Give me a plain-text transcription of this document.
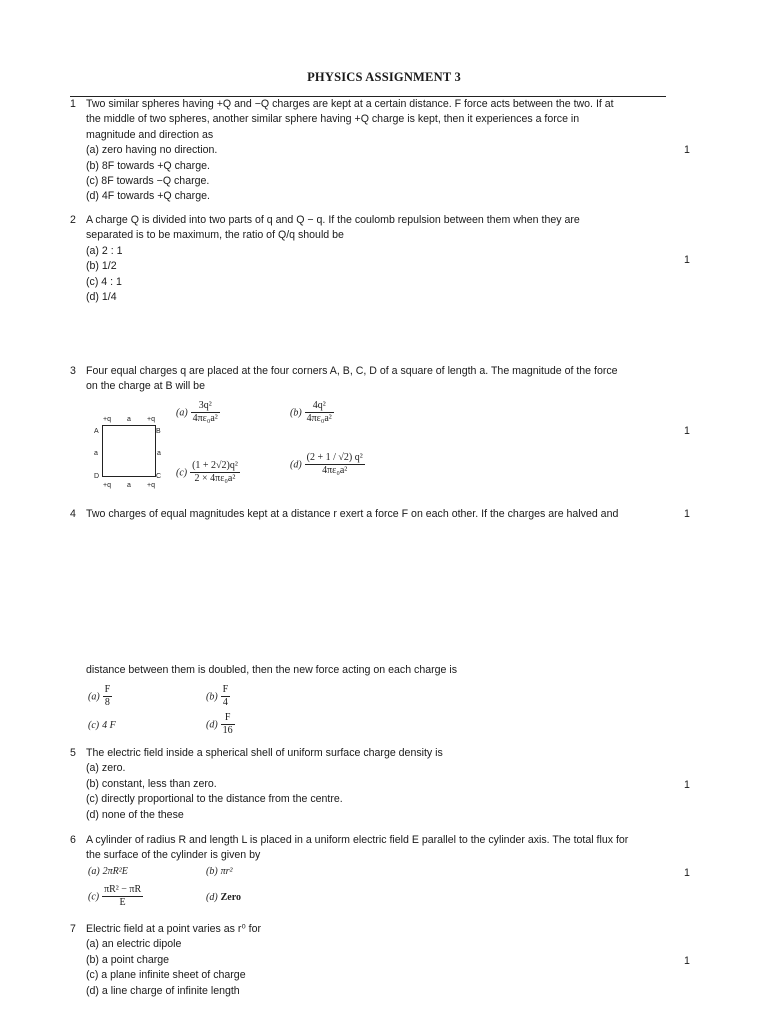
PHYSICS ASSIGNMENT 3
1 Two similar spheres having +Q and −Q charges are kept at a certain distance. F force acts between the two. If at
the middle of two spheres, another similar sphere having +Q charge is kept, then it experiences a force in
magnitude and direction as
(a) zero having no direction.
(b) 8F towards +Q charge.
(c) 8F towards −Q charge.
(d) 4F towards +Q charge.
1
2 A charge Q is divided into two parts of q and Q − q. If the coulomb repulsion between them when they are
separated is to be maximum, the ratio of Q/q should be
(a) 2 : 1
(b) 1/2
(c) 4 : 1
(d) 1/4
1
3 Four equal charges q are placed at the four corners A, B, C, D of a square of length a. The magnitude of the force
on the charge at B will be
1
+q a +q
A	B
a	a
D	C
+q a +q
$(a) \frac{\text{3q²}}{\text{4πε₀a²}}$	$(b) \frac{\text{4q²}}{\text{4πε₀a²}}$
$(c) \frac{\text{(1 + 2√2)q²}}{\text{2 × 4πε₀a²}}$	$(d) \frac{\text{(2 + 1 / √2) q²}}{\text{4πε₀a²}}$
4 Two charges of equal magnitudes kept at a distance r exert a force F on each other. If the charges are halved and	1
distance between them is doubled, then the new force acting on each charge is
$(a) \frac{F}{8}$	$(b) \frac{F}{4}$
(c) 4 F	$(d) \frac{F}{16}$
5 The electric field inside a spherical shell of uniform surface charge density is
(a) zero.
(b) constant, less than zero.
(c) directly proportional to the distance from the centre.
(d) none of the these
1
6 A cylinder of radius R and length L is placed in a uniform electric field E parallel to the cylinder axis. The total flux for
the surface of the cylinder is given by
1
(a) 2πR²E	(b) πr²
$(c) \frac{\text{πR² − πR}}{E}$	(d) Zero
7 Electric field at a point varies as r⁰ for
(a) an electric dipole
(b) a point charge
(c) a plane infinite sheet of charge
(d) a line charge of infinite length
1
